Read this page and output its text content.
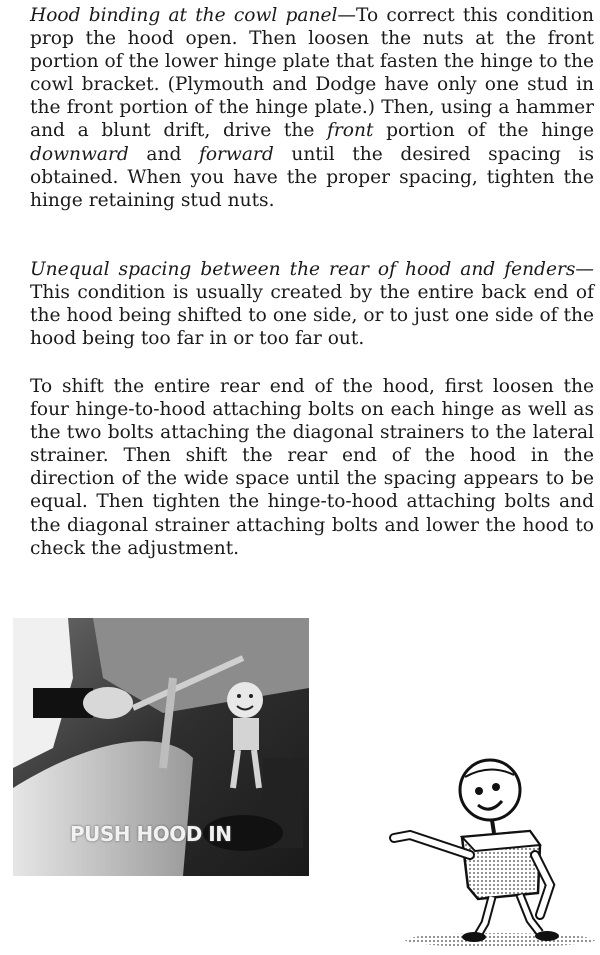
Hood binding at the cowl panel—To correct this condition prop the hood open. Then loosen the nuts at the front portion of the lower hinge plate that fasten the hinge to the cowl bracket. (Plymouth and Dodge have only one stud in the front portion of the hinge plate.) Then, using a hammer and a blunt drift, drive the front portion of the hinge downward and forward until the desired spacing is obtained. When you have the proper spacing, tighten the hinge retaining stud nuts.

Unequal spacing between the rear of hood and fenders—This condition is usually created by the entire back end of the hood being shifted to one side, or to just one side of the hood being too far in or too far out.

To shift the entire rear end of the hood, first loosen the four hinge-to-hood attaching bolts on each hinge as well as the two bolts attaching the diagonal strainers to the lateral strainer. Then shift the rear end of the hood in the direction of the wide space until the spacing appears to be equal. Then tighten the hinge-to-hood attaching bolts and the diagonal strainer attaching bolts and lower the hood to check the adjustment.

PUSH HOOD IN
